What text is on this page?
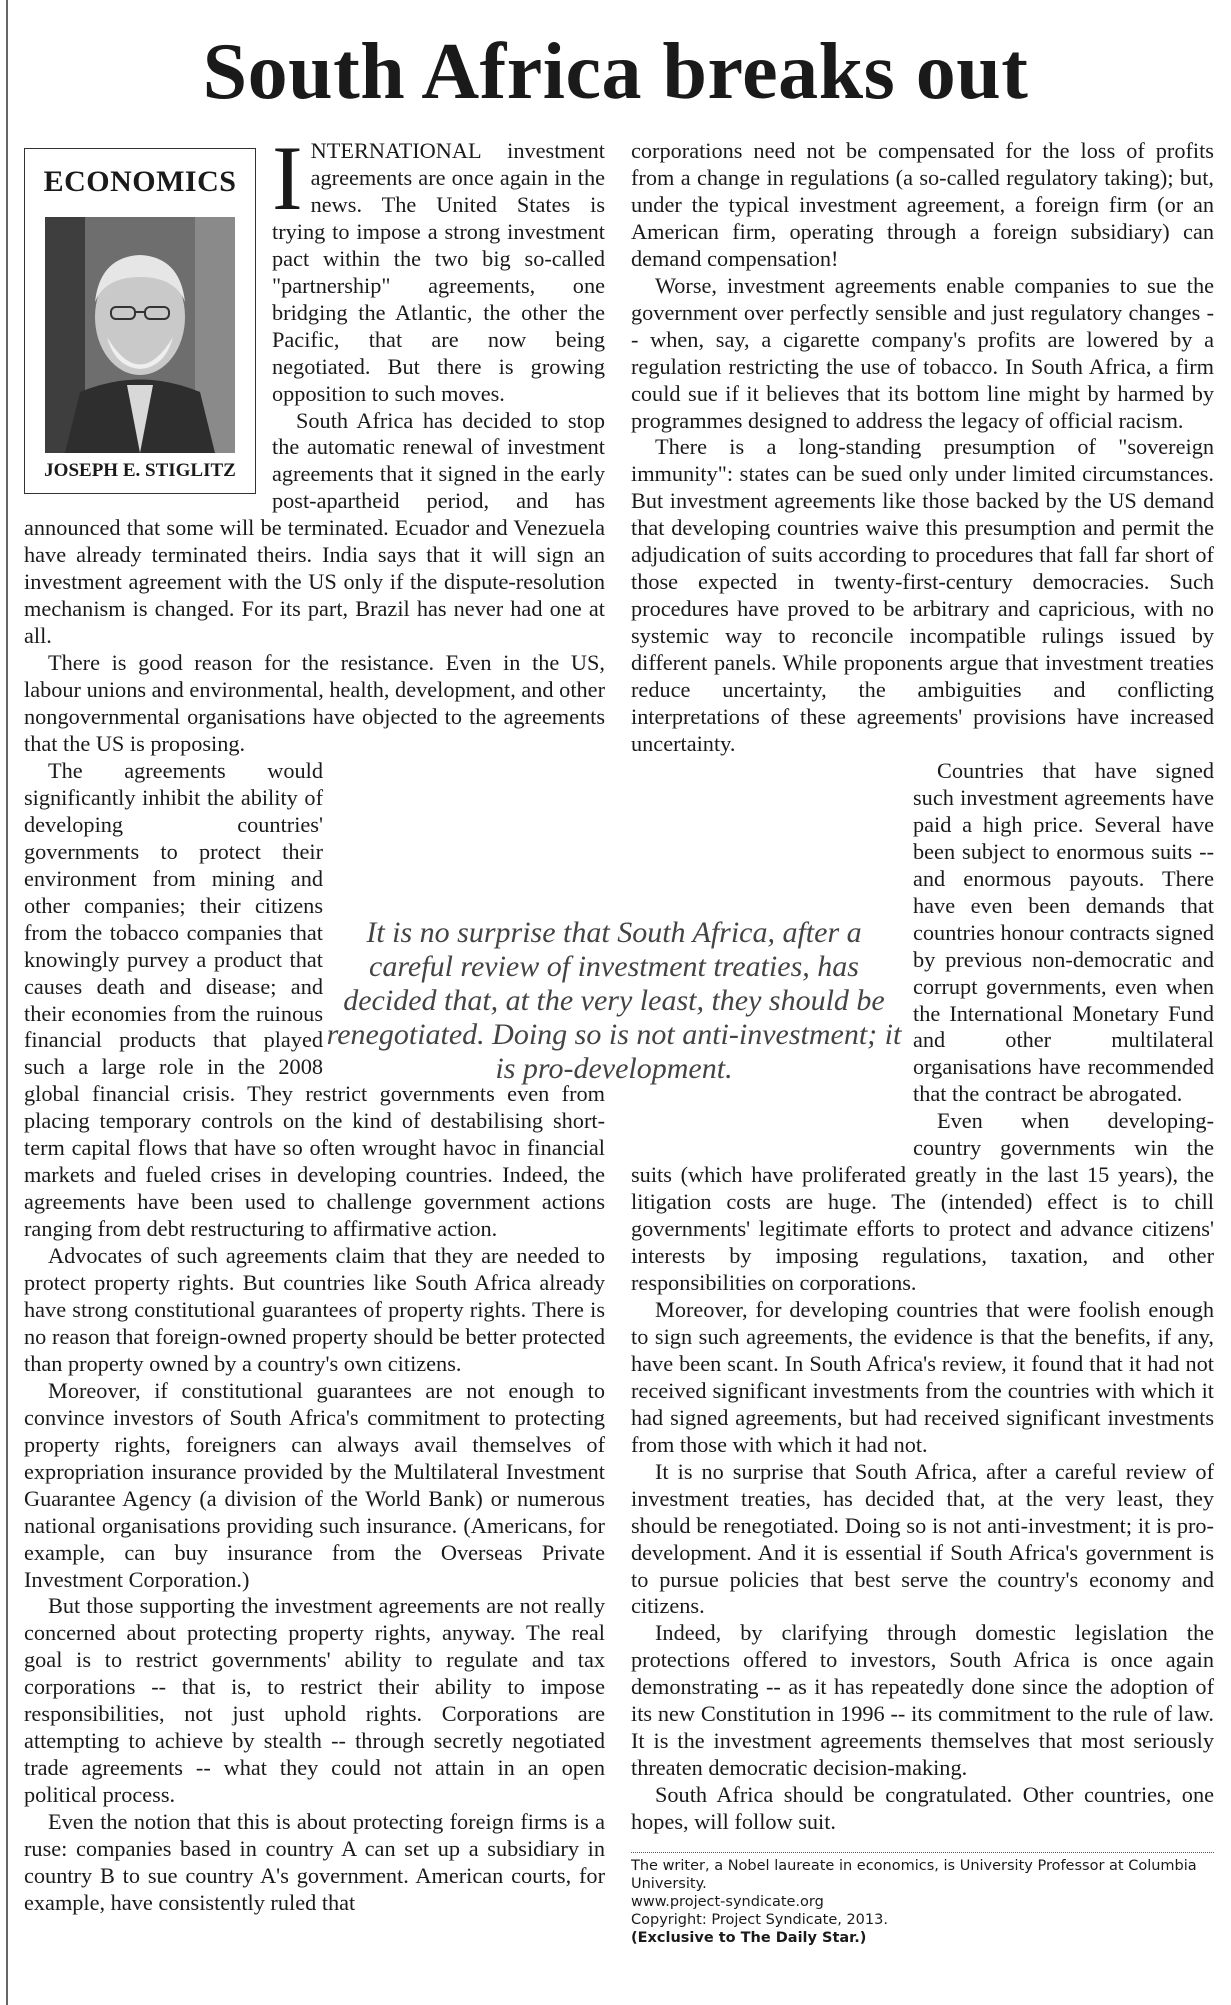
South Africa breaks out
ECONOMICS
JOSEPH E. STIGLITZ

INTERNATIONAL investment agreements are once again in the news. The United States is trying to impose a strong investment pact within the two big so-called "partnership" agreements, one bridging the Atlantic, the other the Pacific, that are now being negotiated. But there is growing opposition to such moves.

South Africa has decided to stop the automatic renewal of investment agreements that it signed in the early post-apartheid period, and has announced that some will be terminated. Ecuador and Venezuela have already terminated theirs. India says that it will sign an investment agreement with the US only if the dispute-resolution mechanism is changed. For its part, Brazil has never had one at all.

There is good reason for the resistance. Even in the US, labour unions and environmental, health, development, and other nongovernmental organisations have objected to the agreements that the US is proposing.

The agreements would significantly inhibit the ability of developing countries' governments to protect their environment from mining and other companies; their citizens from the tobacco companies that knowingly purvey a product that causes death and disease; and their economies from the ruinous financial products that played such a large role in the 2008 global financial crisis. They restrict governments even from placing temporary controls on the kind of destabilising short-term capital flows that have so often wrought havoc in financial markets and fueled crises in developing countries. Indeed, the agreements have been used to challenge government actions ranging from debt restructuring to affirmative action.

Advocates of such agreements claim that they are needed to protect property rights. But countries like South Africa already have strong constitutional guarantees of property rights. There is no reason that foreign-owned property should be better protected than property owned by a country's own citizens.

Moreover, if constitutional guarantees are not enough to convince investors of South Africa's commitment to protecting property rights, foreigners can always avail themselves of expropriation insurance provided by the Multilateral Investment Guarantee Agency (a division of the World Bank) or numerous national organisations providing such insurance. (Americans, for example, can buy insurance from the Overseas Private Investment Corporation.)

But those supporting the investment agreements are not really concerned about protecting property rights, anyway. The real goal is to restrict governments' ability to regulate and tax corporations -- that is, to restrict their ability to impose responsibilities, not just uphold rights. Corporations are attempting to achieve by stealth -- through secretly negotiated trade agreements -- what they could not attain in an open political process.

Even the notion that this is about protecting foreign firms is a ruse: companies based in country A can set up a subsidiary in country B to sue country A's government. American courts, for example, have consistently ruled that

corporations need not be compensated for the loss of profits from a change in regulations (a so-called regulatory taking); but, under the typical investment agreement, a foreign firm (or an American firm, operating through a foreign subsidiary) can demand compensation!

Worse, investment agreements enable companies to sue the government over perfectly sensible and just regulatory changes -- when, say, a cigarette company's profits are lowered by a regulation restricting the use of tobacco. In South Africa, a firm could sue if it believes that its bottom line might by harmed by programmes designed to address the legacy of official racism.

There is a long-standing presumption of "sovereign immunity": states can be sued only under limited circumstances. But investment agreements like those backed by the US demand that developing countries waive this presumption and permit the adjudication of suits according to procedures that fall far short of those expected in twenty-first-century democracies. Such procedures have proved to be arbitrary and capricious, with no systemic way to reconcile incompatible rulings issued by different panels. While proponents argue that investment treaties reduce uncertainty, the ambiguities and conflicting interpretations of these agreements' provisions have increased uncertainty.

Countries that have signed such investment agreements have paid a high price. Several have been subject to enormous suits -- and enormous payouts. There have even been demands that countries honour contracts signed by previous non-democratic and corrupt governments, even when the International Monetary Fund and other multilateral organisations have recommended that the contract be abrogated.

Even when developing-country governments win the suits (which have proliferated greatly in the last 15 years), the litigation costs are huge. The (intended) effect is to chill governments' legitimate efforts to protect and advance citizens' interests by imposing regulations, taxation, and other responsibilities on corporations.

Moreover, for developing countries that were foolish enough to sign such agreements, the evidence is that the benefits, if any, have been scant. In South Africa's review, it found that it had not received significant investments from the countries with which it had signed agreements, but had received significant investments from those with which it had not.

It is no surprise that South Africa, after a careful review of investment treaties, has decided that, at the very least, they should be renegotiated. Doing so is not anti-investment; it is pro-development. And it is essential if South Africa's government is to pursue policies that best serve the country's economy and citizens.

Indeed, by clarifying through domestic legislation the protections offered to investors, South Africa is once again demonstrating -- as it has repeatedly done since the adoption of its new Constitution in 1996 -- its commitment to the rule of law. It is the investment agreements themselves that most seriously threaten democratic decision-making.

South Africa should be congratulated. Other countries, one hopes, will follow suit.

The writer, a Nobel laureate in economics, is University Professor at Columbia University.
www.project-syndicate.org
Copyright: Project Syndicate, 2013.
(Exclusive to The Daily Star.)
It is no surprise that South Africa, after a careful review of investment treaties, has decided that, at the very least, they should be renegotiated. Doing so is not anti-investment; it is pro-development.
